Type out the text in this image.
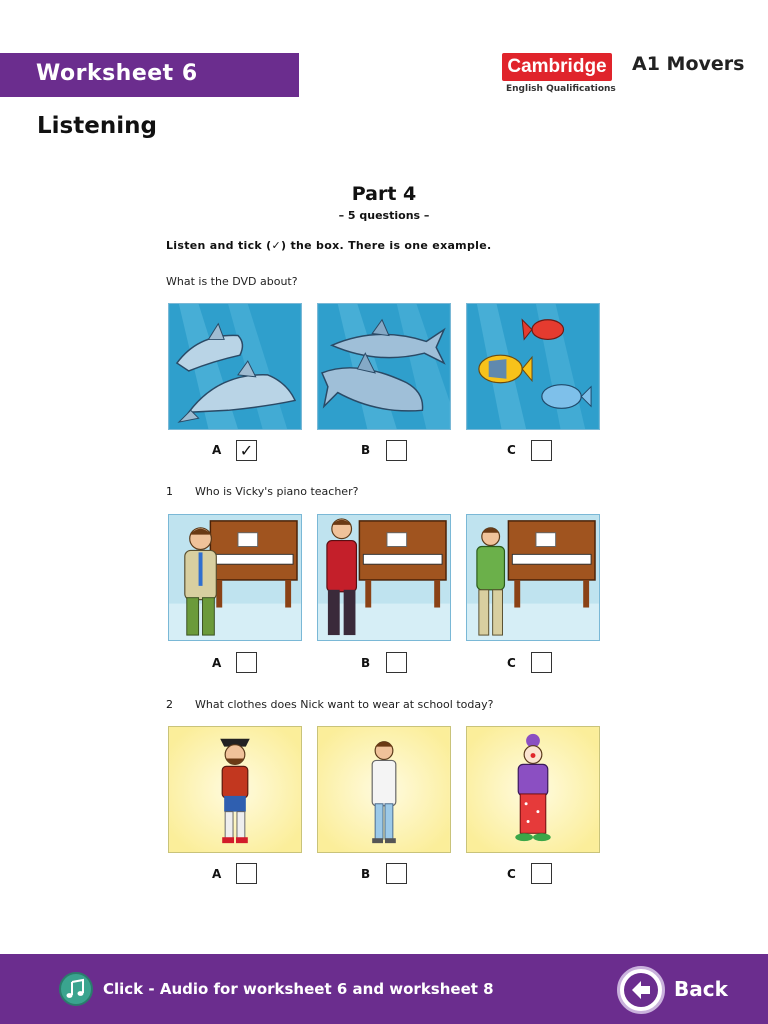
Worksheet 6	Cambridge
English Qualifications
A1 Movers
Listening
Part 4
– 5 questions –
Listen and tick (✓) the box. There is one example.
What is the DVD about?
A ✓	B	C
1 Who is Vicky's piano teacher?
A	B	C
2 What clothes does Nick want to wear at school today?
A	B	C
Click - Audio for worksheet 6 and worksheet 8	Back
